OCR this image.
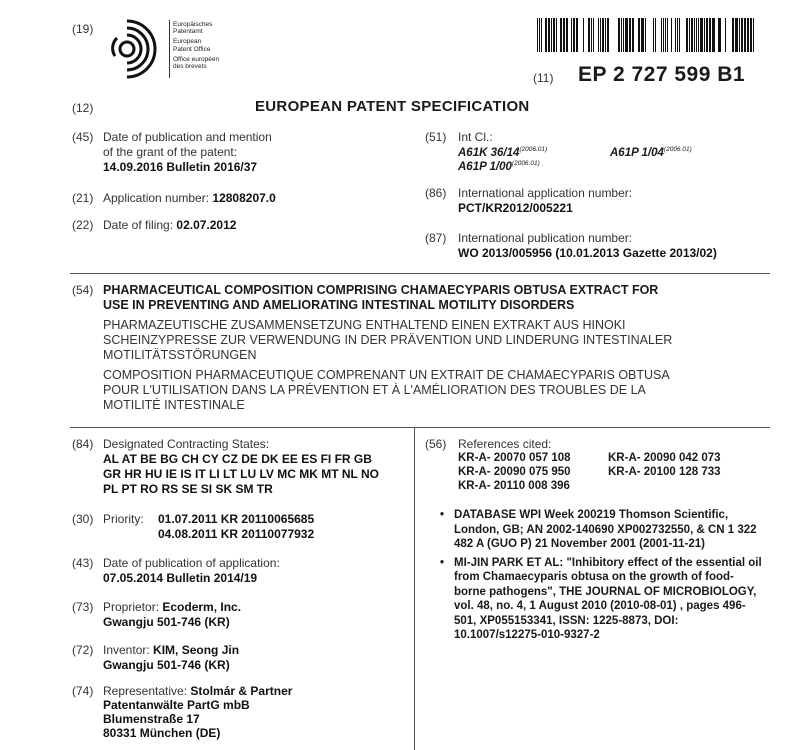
(19)	Europäisches
Patentamt
European
Patent Office
Office européen
des brevets
(11) EP 2 727 599 B1
(12)	EUROPEAN PATENT SPECIFICATION
(45) Date of publication and mention
of the grant of the patent:
14.09.2016 Bulletin 2016/37
(21) Application number: 12808207.0
(22) Date of filing: 02.07.2012
(51) Int Cl.:
A61K $36/14^{(2006.01)}$	A61P $1/04^{(2006.01)}$
A61P $1/00^{(2006.01)}$
(86) International application number:
PCT/KR2012/005221
(87) International publication number:
WO 2013/005956 (10.01.2013 Gazette 2013/02)
(54) PHARMACEUTICAL COMPOSITION COMPRISING CHAMAECYPARIS OBTUSA EXTRACT FOR
USE IN PREVENTING AND AMELIORATING INTESTINAL MOTILITY DISORDERS
PHARMAZEUTISCHE ZUSAMMENSETZUNG ENTHALTEND EINEN EXTRAKT AUS HINOKI
SCHEINZYPRESSE ZUR VERWENDUNG IN DER PRÄVENTION UND LINDERUNG INTESTINALER
MOTILITÄTSSTÖRUNGEN
COMPOSITION PHARMACEUTIQUE COMPRENANT UN EXTRAIT DE CHAMAECYPARIS OBTUSA
POUR L'UTILISATION DANS LA PRÉVENTION ET À L'AMÉLIORATION DES TROUBLES DE LA
MOTILITÉ INTESTINALE
(84) Designated Contracting States:
AL AT BE BG CH CY CZ DE DK EE ES FI FR GB
GR HR HU IE IS IT LI LT LU LV MC MK MT NL NO
PL PT RO RS SE SI SK SM TR
(30) Priority: 01.07.2011 KR 20110065685
04.08.2011 KR 20110077932
(43) Date of publication of application:
07.05.2014 Bulletin 2014/19
(73) Proprietor: Ecoderm, Inc.
Gwangju 501-746 (KR)
(72) Inventor: KIM, Seong Jin
Gwangju 501-746 (KR)
(74) Representative: Stolmár & Partner
Patentanwälte PartG mbB
Blumenstraße 17
80331 München (DE)
(56) References cited:
KR-A- 20070 057 108	KR-A- 20090 042 073
KR-A- 20090 075 950	KR-A- 20100 128 733
KR-A- 20110 008 396
• DATABASE WPI Week 200219 Thomson Scientific, London, GB; AN 2002-140690 XP002732550, & CN 1 322 482 A (GUO P) 21 November 2001 (2001-11-21)
• MI-JIN PARK ET AL: "Inhibitory effect of the essential oil from Chamaecyparis obtusa on the growth of food-borne pathogens", THE JOURNAL OF MICROBIOLOGY, vol. 48, no. 4, 1 August 2010 (2010-08-01) , pages 496-501, XP055153341, ISSN: 1225-8873, DOI: 10.1007/s12275-010-9327-2
